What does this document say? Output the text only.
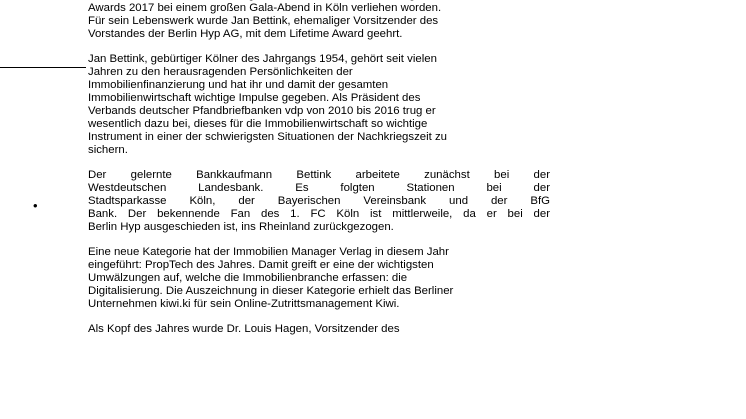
•

Awards 2017 bei einem großen Gala-Abend in Köln verliehen worden.
Für sein Lebenswerk wurde Jan Bettink, ehemaliger Vorsitzender des
Vorstandes der Berlin Hyp AG, mit dem Lifetime Award geehrt.

Jan Bettink, gebürtiger Kölner des Jahrgangs 1954, gehört seit vielen
Jahren zu den herausragenden Persönlichkeiten der
Immobilienfinanzierung und hat ihr und damit der gesamten
Immobilienwirtschaft wichtige Impulse gegeben. Als Präsident des
Verbands deutscher Pfandbriefbanken vdp von 2010 bis 2016 trug er
wesentlich dazu bei, dieses für die Immobilienwirtschaft so wichtige
Instrument in einer der schwierigsten Situationen der Nachkriegszeit zu
sichern.

Der gelernte Bankkaufmann Bettink arbeitete zunächst bei der
Westdeutschen Landesbank. Es folgten Stationen bei der
Stadtsparkasse Köln, der Bayerischen Vereinsbank und der BfG
Bank. Der bekennende Fan des 1. FC Köln ist mittlerweile, da er bei der
Berlin Hyp ausgeschieden ist, ins Rheinland zurückgezogen.

Eine neue Kategorie hat der Immobilien Manager Verlag in diesem Jahr
eingeführt: PropTech des Jahres. Damit greift er eine der wichtigsten
Umwälzungen auf, welche die Immobilienbranche erfassen: die
Digitalisierung. Die Auszeichnung in dieser Kategorie erhielt das Berliner
Unternehmen kiwi.ki für sein Online-Zutrittsmanagement Kiwi.

Als Kopf des Jahres wurde Dr. Louis Hagen, Vorsitzender des
